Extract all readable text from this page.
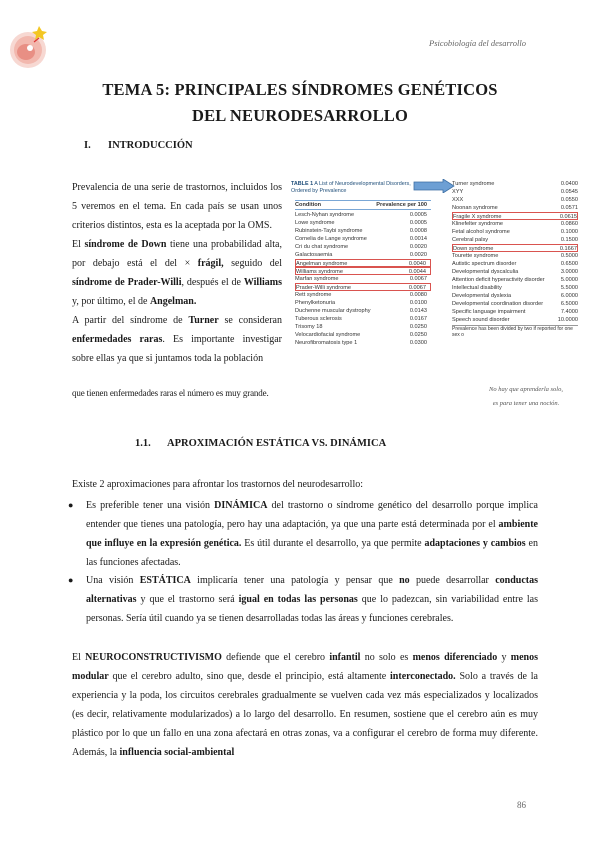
Psicobiología del desarrollo
TEMA 5: PRINCIPALES SÍNDROMES GENÉTICOS
DEL NEURODESARROLLO
I. INTRODUCCIÓN

Prevalencia de una serie de trastornos, incluidos los 5 veremos en el tema. En cada país se usan unos criterios distintos, esta es la aceptada por la OMS.

El síndrome de Down tiene una probabilidad alta, por debajo está el del × frágil, seguido del síndrome de Prader-Willi, después el de Williams y, por último, el de Angelman.

A partir del síndrome de Turner se consideran enfermedades raras. Es importante investigar sobre ellas ya que si juntamos toda la población

que tienen enfermedades raras el número es muy grande.
TABLE 1 A List of Neurodevelopmental Disorders, Ordered by Prevalence
Condition	Prevalence per 100
Lesch-Nyhan syndrome	0.0005
Lowe syndrome	0.0005
Rubinstein-Taybi syndrome	0.0008
Cornelia de Lange syndrome	0.0014
Cri du chat syndrome	0.0020
Galactosaemia	0.0020
Angelman syndrome	0.0040
Williams syndrome	0.0044
Marfan syndrome	0.0067
Prader-Willi syndrome	0.0067
Rett syndrome	0.0080
Phenylketonuria	0.0100
Duchenne muscular dystrophy	0.0143
Tuberous sclerosis	0.0167
Trisomy 18	0.0250
Velocardiofacial syndrome	0.0250
Neurofibromatosis type 1	0.0300
Turner syndrome	0.0400
XYY	0.0545
XXX	0.0550
Noonan syndrome	0.0571
Fragile X syndrome	0.0615
Klinefelter syndrome	0.0860
Fetal alcohol syndrome	0.1000
Cerebral palsy	0.1500
Down syndrome	0.1667
Tourette syndrome	0.5000
Autistic spectrum disorder	0.6500
Developmental dyscalculia	3.0000
Attention deficit hyperactivity disorder	5.0000
Intellectual disability	5.5000
Developmental dyslexia	6.0000
Developmental coordination disorder	6.5000
Specific language impairment	7.4000
Speech sound disorder	10.0000
Prevalence has been divided by two if reported for one sex o
No hay que aprenderla solo,
es para tener una noción.
1.1. APROXIMACIÓN ESTÁTICA VS. DINÁMICA

Existe 2 aproximaciones para afrontar los trastornos del neurodesarrollo:

● Es preferible tener una visión DINÁMICA del trastorno o síndrome genético del desarrollo porque implica entender que tienes una patología, pero hay una adaptación, ya que una parte está determinada por el ambiente que influye en la expresión genética. Es útil durante el desarrollo, ya que permite adaptaciones y cambios en las funciones afectadas.
● Una visión ESTÁTICA implicaría tener una patología y pensar que no puede desarrollar conductas alternativas y que el trastorno será igual en todas las personas que lo padezcan, sin variabilidad entre las personas. Sería útil cuando ya se tienen desarrolladas todas las áreas y funciones cerebrales.

El NEUROCONSTRUCTIVISMO defiende que el cerebro infantil no solo es menos diferenciado y menos modular que el cerebro adulto, sino que, desde el principio, está altamente interconectado. Solo a través de la experiencia y la poda, los circuitos cerebrales gradualmente se vuelven cada vez más especializados y localizados (es decir, relativamente modularizados) a lo largo del desarrollo. En resumen, sostiene que el cerebro aún es muy plástico por lo que un fallo en una zona afectará en otras zonas, va a configurar el cerebro de forma muy diferente. Además, la influencia social-ambiental

86
